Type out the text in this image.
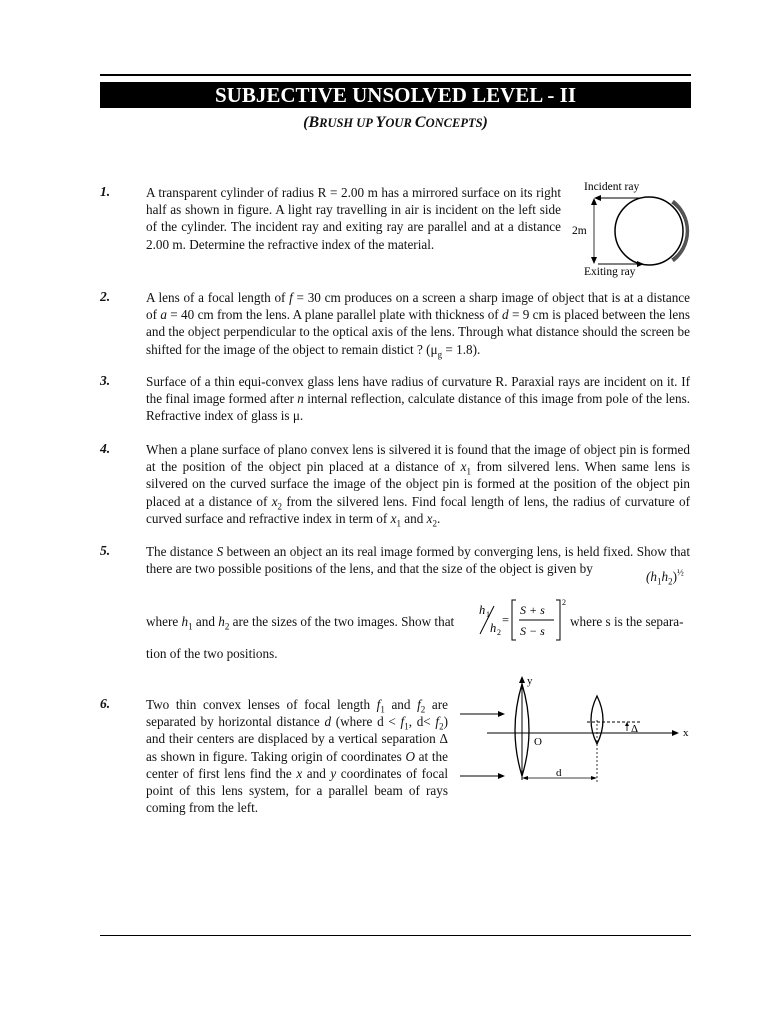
SUBJECTIVE UNSOLVED LEVEL - II
(BRUSH UP YOUR CONCEPTS)
1.	A transparent cylinder of radius R = 2.00 m has a mirrored surface on its right half as shown in figure. A light ray travelling in air is incident on the left side of the cylinder. The incident ray and exiting ray are parallel and at a distance 2.00 m. Determine the refractive index of the material.
Incident ray
2m
Exiting ray
2.	A lens of a focal length of f = 30 cm produces on a screen a sharp image of object that is at a distance of a = 40 cm from the lens. A plane parallel plate with thickness of d = 9 cm is placed between the lens and the object perpendicular to the optical axis of the lens. Through what distance should the screen be shifted for the image of the object to remain distict ? $(\mu_g = 1.8)$.
3.	Surface of a thin equi-convex glass lens have radius of curvature R. Paraxial rays are incident on it. If the final image formed after n internal reflection, calculate distance of this image from pole of the lens. Refractive index of glass is μ.
4.	When a plane surface of plano convex lens is silvered it is found that the image of object pin is formed at the position of the object pin placed at a distance of $x_1$ from silvered lens. When same lens is silvered on the curved surface the image of the object pin is formed at the position of the object pin placed at a distance of $x_2$ from the silvered lens. Find focal length of lens, the radius of curvature of curved surface and refractive index in term of $x_1$ and $x_2$.
5.	The distance S between an object an its real image formed by converging lens, is held fixed. Show that there are two possible positions of the lens, and that the size of the object is given by
$(h_1h_2)^{\frac{1}{2}}$
where $h_1$ and $h_2$ are the sizes of the two images. Show that
h 1
h 2
=
S + s
S − s
2
where s is the separa-
tion of the two positions.
6.	Two thin convex lenses of focal length $f_1$ and $f_2$ are separated by horizontal distance d (where $d < f_1$, $d< f_2$) and their centers are displaced by a vertical separation Δ as shown in figure. Taking origin of coordinates O at the center of first lens find the x and y coordinates of focal point of this lens system, for a parallel beam of rays coming from the left.
y
x
O
Δ
d
